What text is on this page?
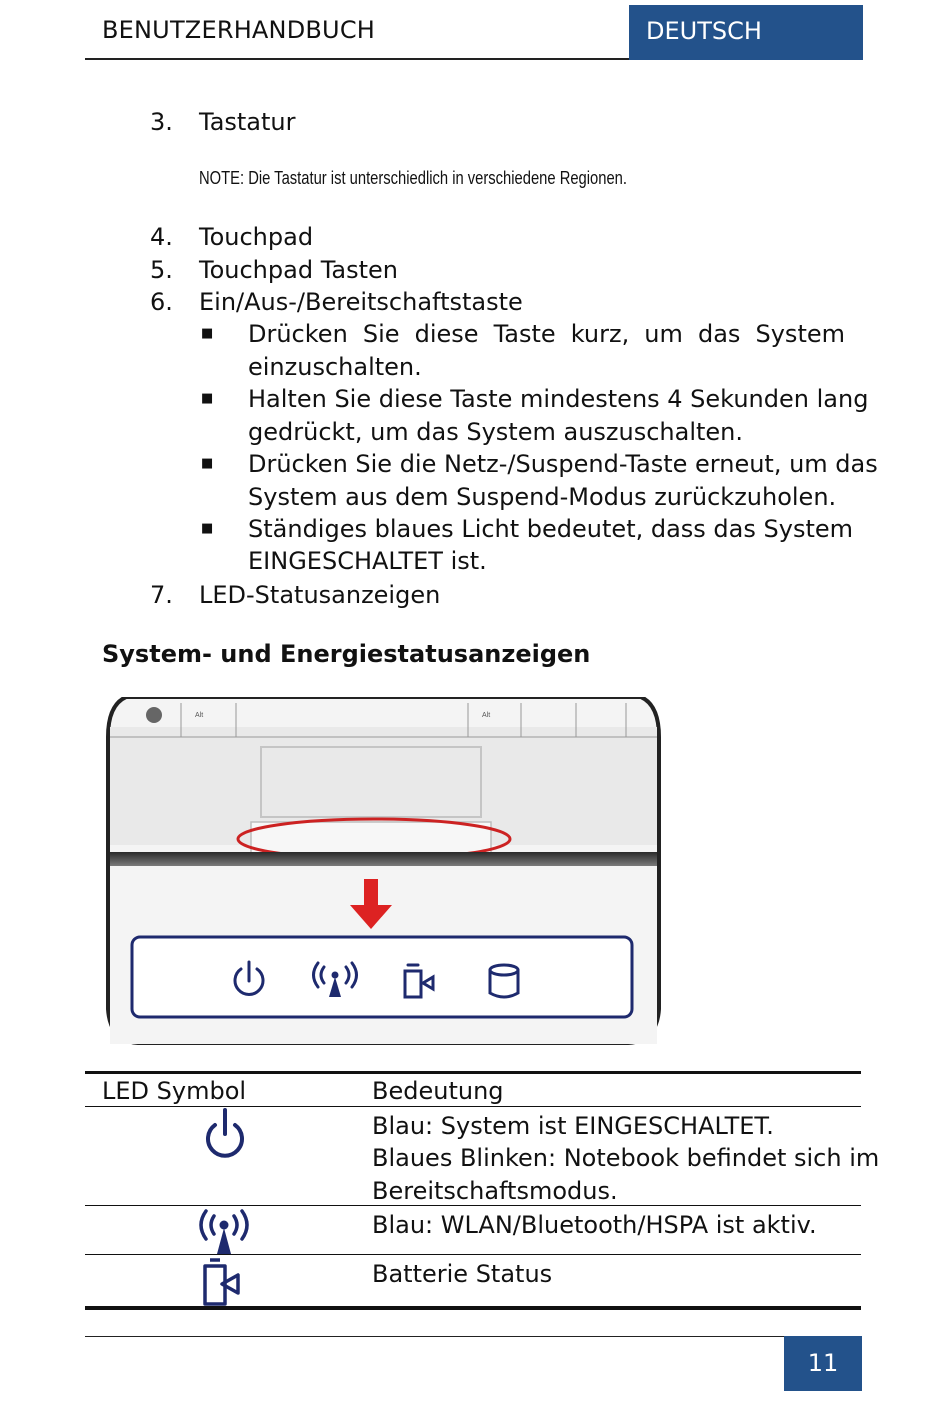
BENUTZERHANDBUCH	DEUTSCH
3. Tastatur
NOTE: Die Tastatur ist unterschiedlich in verschiedene Regionen.
4. Touchpad
5. Touchpad Tasten
6. Ein/Aus-/Bereitschaftstaste
■ Drücken Sie diese Taste kurz, um das System
einzuschalten.
■ Halten Sie diese Taste mindestens 4 Sekunden lang
gedrückt, um das System auszuschalten.
■ Drücken Sie die Netz-/Suspend-Taste erneut, um das
System aus dem Suspend-Modus zurückzuholen.
■ Ständiges blaues Licht bedeutet, dass das System
EINGESCHALTET ist.
7. LED-Statusanzeigen
System- und Energiestatusanzeigen
Alt	Alt
LED Symbol	Bedeutung
Blau: System ist EINGESCHALTET.
Blaues Blinken: Notebook befindet sich im
Bereitschaftsmodus.
Blau: WLAN/Bluetooth/HSPA ist aktiv.
Batterie Status
11
